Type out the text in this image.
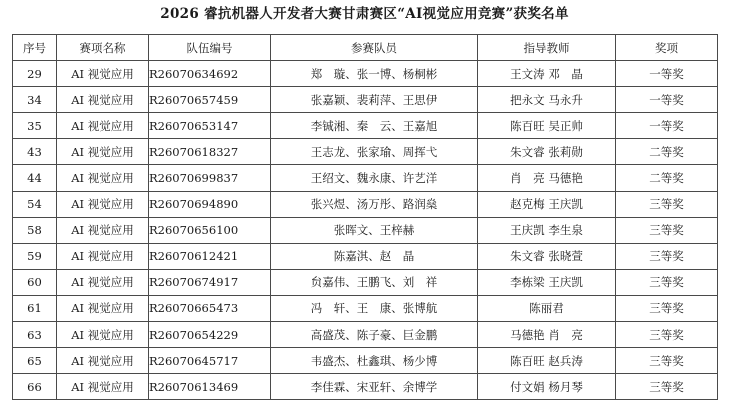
2026 睿抗机器人开发者大赛甘肃赛区“AI视觉应用竞赛”获奖名单
序号	赛项名称	队伍编号	参赛队员	指导教师	奖项
29	AI 视觉应用	R26070634692	郑　璇、张一博、杨桐彬	王文涛 邓　晶	一等奖
34	AI 视觉应用	R26070657459	张嘉颖、裴莉萍、王思伊	把永文 马永升	一等奖
35	AI 视觉应用	R26070653147	李铖湘、秦　云、王嘉旭	陈百旺 吴正帅	一等奖
43	AI 视觉应用	R26070618327	王志龙、张家瑜、周挥弋	朱文睿 张莉勋	二等奖
44	AI 视觉应用	R26070699837	王绍文、魏永康、许艺洋	肖　亮 马德艳	二等奖
54	AI 视觉应用	R26070694890	张兴煜、汤万彤、路润燊	赵克梅 王庆凯	三等奖
58	AI 视觉应用	R26070656100	张晖文、王梓赫	王庆凯 李生泉	三等奖
59	AI 视觉应用	R26070612421	陈嘉淇、赵　晶	朱文睿 张晓萱	三等奖
60	AI 视觉应用	R26070674917	贠嘉伟、王鹏飞、刘　祥	李栋梁 王庆凯	三等奖
61	AI 视觉应用	R26070665473	冯　轩、王　康、张博航	陈丽君	三等奖
63	AI 视觉应用	R26070654229	高盛茂、陈子豪、巨金鹏	马德艳 肖　亮	三等奖
65	AI 视觉应用	R26070645717	韦盛杰、杜鑫琪、杨少博	陈百旺 赵兵涛	三等奖
66	AI 视觉应用	R26070613469	李佳霖、宋亚轩、余博学	付文娟 杨月琴	三等奖
